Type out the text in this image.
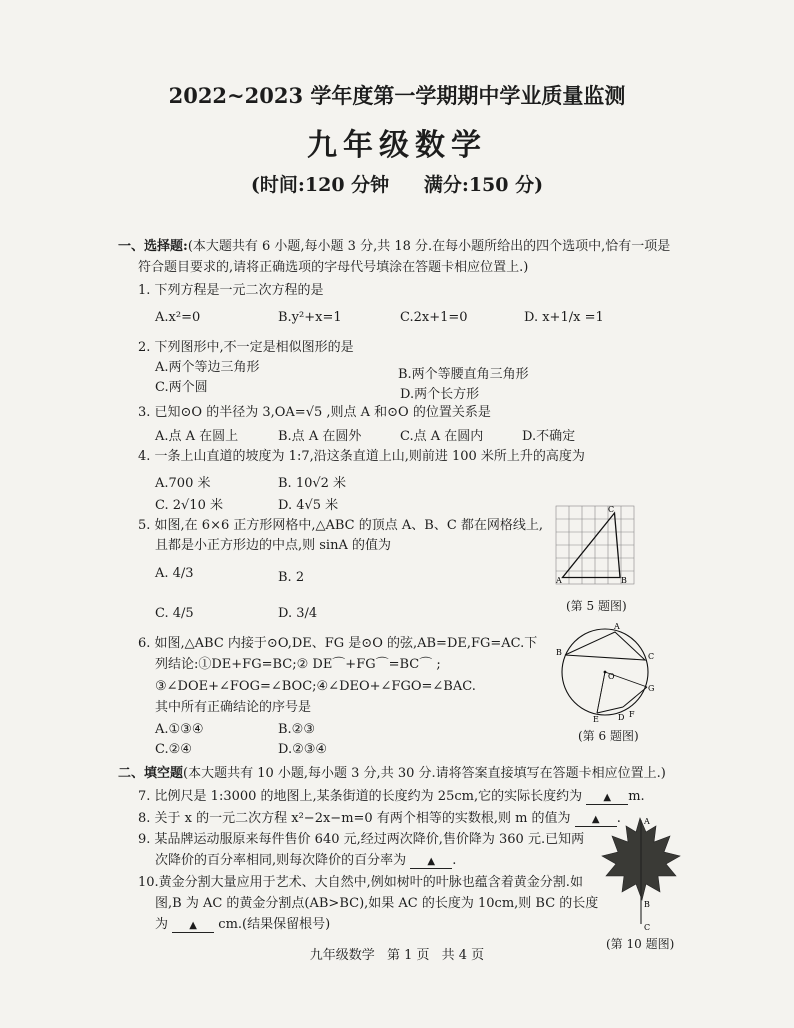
2022~2023 学年度第一学期期中学业质量监测
九年级数学
(时间:120 分钟 满分:150 分)
一、选择题:(本大题共有 6 小题,每小题 3 分,共 18 分.在每小题所给出的四个选项中,恰有一项是
符合题目要求的,请将正确选项的字母代号填涂在答题卡相应位置上.)
1. 下列方程是一元二次方程的是
A.x²=0	B.y²+x=1	C.2x+1=0	D. x+1/x =1
2. 下列图形中,不一定是相似图形的是
A.两个等边三角形	B.两个等腰直角三角形
C.两个圆	D.两个长方形
3. 已知⊙O 的半径为 3,OA=√5 ,则点 A 和⊙O 的位置关系是
A.点 A 在圆上	B.点 A 在圆外	C.点 A 在圆内	D.不确定
4. 一条上山直道的坡度为 1:7,沿这条直道上山,则前进 100 米所上升的高度为
A.700 米	B. 10√2 米
C. 2√10 米	D. 4√5 米
5. 如图,在 6×6 正方形网格中,△ABC 的顶点 A、B、C 都在网格线上,
且都是小正方形边的中点,则 sinA 的值为
A. 4/3	B. 2
C. 4/5	D. 3/4
A	B
C
(第 5 题图)
6. 如图,△ABC 内接于⊙O,DE、FG 是⊙O 的弦,AB=DE,FG=AC.下
列结论:①DE+FG=BC;② DE⌒+FG⌒=BC⌒ ;
③∠DOE+∠FOG=∠BOC;④∠DEO+∠FGO=∠BAC.
其中所有正确结论的序号是
A.①③④	B.②③
C.②④	D.②③④
A
B	C
O
D
E
F
G
(第 6 题图)
二、填空题(本大题共有 10 小题,每小题 3 分,共 30 分.请将答案直接填写在答题卡相应位置上.)
7. 比例尺是 1:3000 的地图上,某条街道的长度约为 25cm,它的实际长度约为 ▲ m.
8. 关于 x 的一元二次方程 x²−2x−m=0 有两个相等的实数根,则 m 的值为 ▲ .
9. 某品牌运动服原来每件售价 640 元,经过两次降价,售价降为 360 元.已知两
次降价的百分率相同,则每次降价的百分率为 ▲ .
10.黄金分割大量应用于艺术、大自然中,例如树叶的叶脉也蕴含着黄金分割.如
图,B 为 AC 的黄金分割点(AB>BC),如果 AC 的长度为 10cm,则 BC 的长度
为 ▲ cm.(结果保留根号)
A
B
C
(第 10 题图)
九年级数学 第 1 页 共 4 页
